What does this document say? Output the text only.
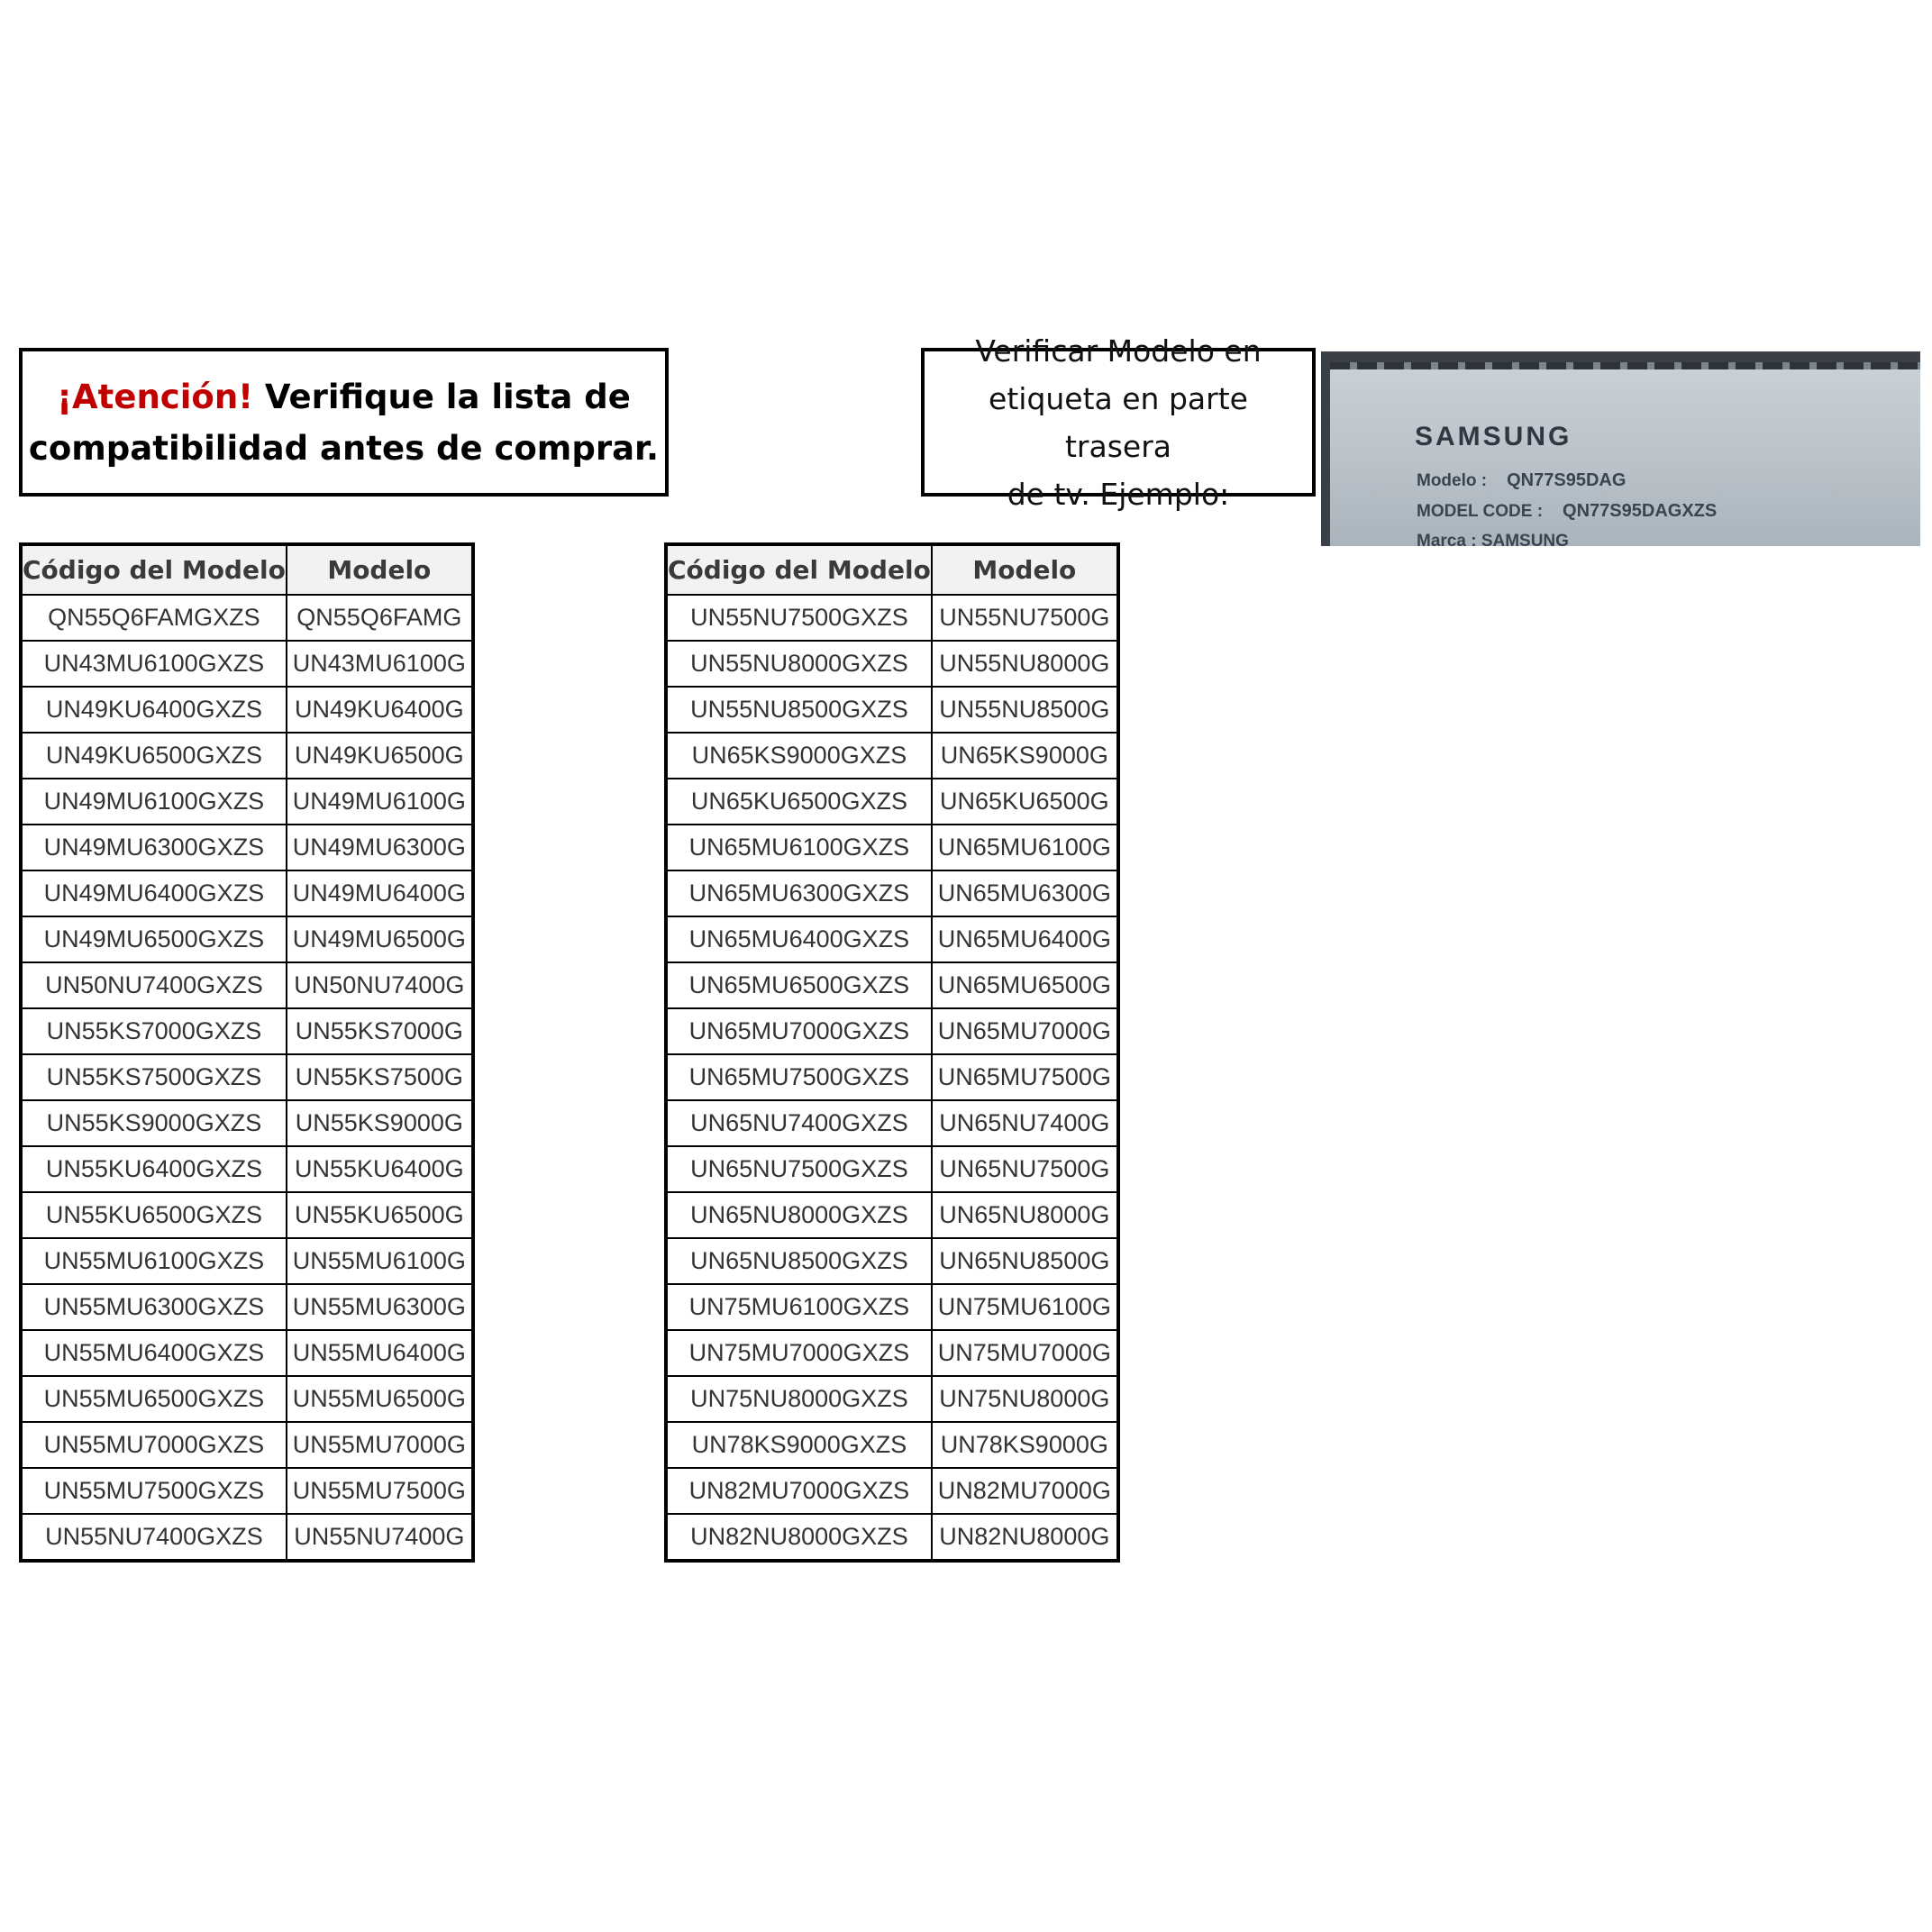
¡Atención! Verifique la lista de
compatibilidad antes de comprar.
Verificar Modelo en
etiqueta en parte trasera
de tv. Ejemplo:
SAMSUNG
Modelo : QN77S95DAG
MODEL CODE : QN77S95DAGXZS
Marca : SAMSUNG
Código del Modelo	Modelo
QN55Q6FAMGXZS	QN55Q6FAMG
UN43MU6100GXZS	UN43MU6100G
UN49KU6400GXZS	UN49KU6400G
UN49KU6500GXZS	UN49KU6500G
UN49MU6100GXZS	UN49MU6100G
UN49MU6300GXZS	UN49MU6300G
UN49MU6400GXZS	UN49MU6400G
UN49MU6500GXZS	UN49MU6500G
UN50NU7400GXZS	UN50NU7400G
UN55KS7000GXZS	UN55KS7000G
UN55KS7500GXZS	UN55KS7500G
UN55KS9000GXZS	UN55KS9000G
UN55KU6400GXZS	UN55KU6400G
UN55KU6500GXZS	UN55KU6500G
UN55MU6100GXZS	UN55MU6100G
UN55MU6300GXZS	UN55MU6300G
UN55MU6400GXZS	UN55MU6400G
UN55MU6500GXZS	UN55MU6500G
UN55MU7000GXZS	UN55MU7000G
UN55MU7500GXZS	UN55MU7500G
UN55NU7400GXZS	UN55NU7400G
Código del Modelo	Modelo
UN55NU7500GXZS	UN55NU7500G
UN55NU8000GXZS	UN55NU8000G
UN55NU8500GXZS	UN55NU8500G
UN65KS9000GXZS	UN65KS9000G
UN65KU6500GXZS	UN65KU6500G
UN65MU6100GXZS	UN65MU6100G
UN65MU6300GXZS	UN65MU6300G
UN65MU6400GXZS	UN65MU6400G
UN65MU6500GXZS	UN65MU6500G
UN65MU7000GXZS	UN65MU7000G
UN65MU7500GXZS	UN65MU7500G
UN65NU7400GXZS	UN65NU7400G
UN65NU7500GXZS	UN65NU7500G
UN65NU8000GXZS	UN65NU8000G
UN65NU8500GXZS	UN65NU8500G
UN75MU6100GXZS	UN75MU6100G
UN75MU7000GXZS	UN75MU7000G
UN75NU8000GXZS	UN75NU8000G
UN78KS9000GXZS	UN78KS9000G
UN82MU7000GXZS	UN82MU7000G
UN82NU8000GXZS	UN82NU8000G
